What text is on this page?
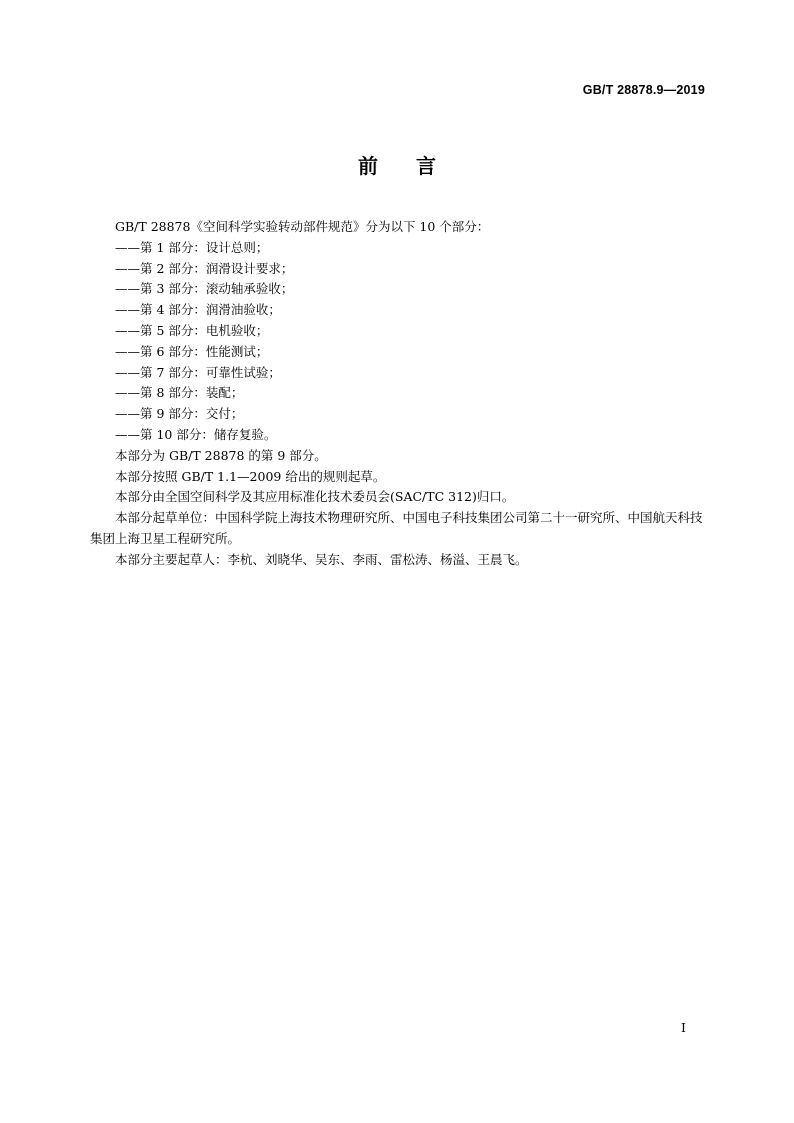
GB/T 28878.9—2019
前言

GB/T 28878《空间科学实验转动部件规范》分为以下 10 个部分：

——第 1 部分：设计总则；
——第 2 部分：润滑设计要求；
——第 3 部分：滚动轴承验收；
——第 4 部分：润滑油验收；
——第 5 部分：电机验收；
——第 6 部分：性能测试；
——第 7 部分：可靠性试验；
——第 8 部分：装配；
——第 9 部分：交付；
——第 10 部分：储存复验。

本部分为 GB/T 28878 的第 9 部分。

本部分按照 GB/T 1.1—2009 给出的规则起草。

本部分由全国空间科学及其应用标准化技术委员会(SAC/TC 312)归口。

本部分起草单位：中国科学院上海技术物理研究所、中国电子科技集团公司第二十一研究所、中国航天科技集团上海卫星工程研究所。

本部分主要起草人：李杭、刘晓华、吴东、李雨、雷松涛、杨溢、王晨飞。

I
